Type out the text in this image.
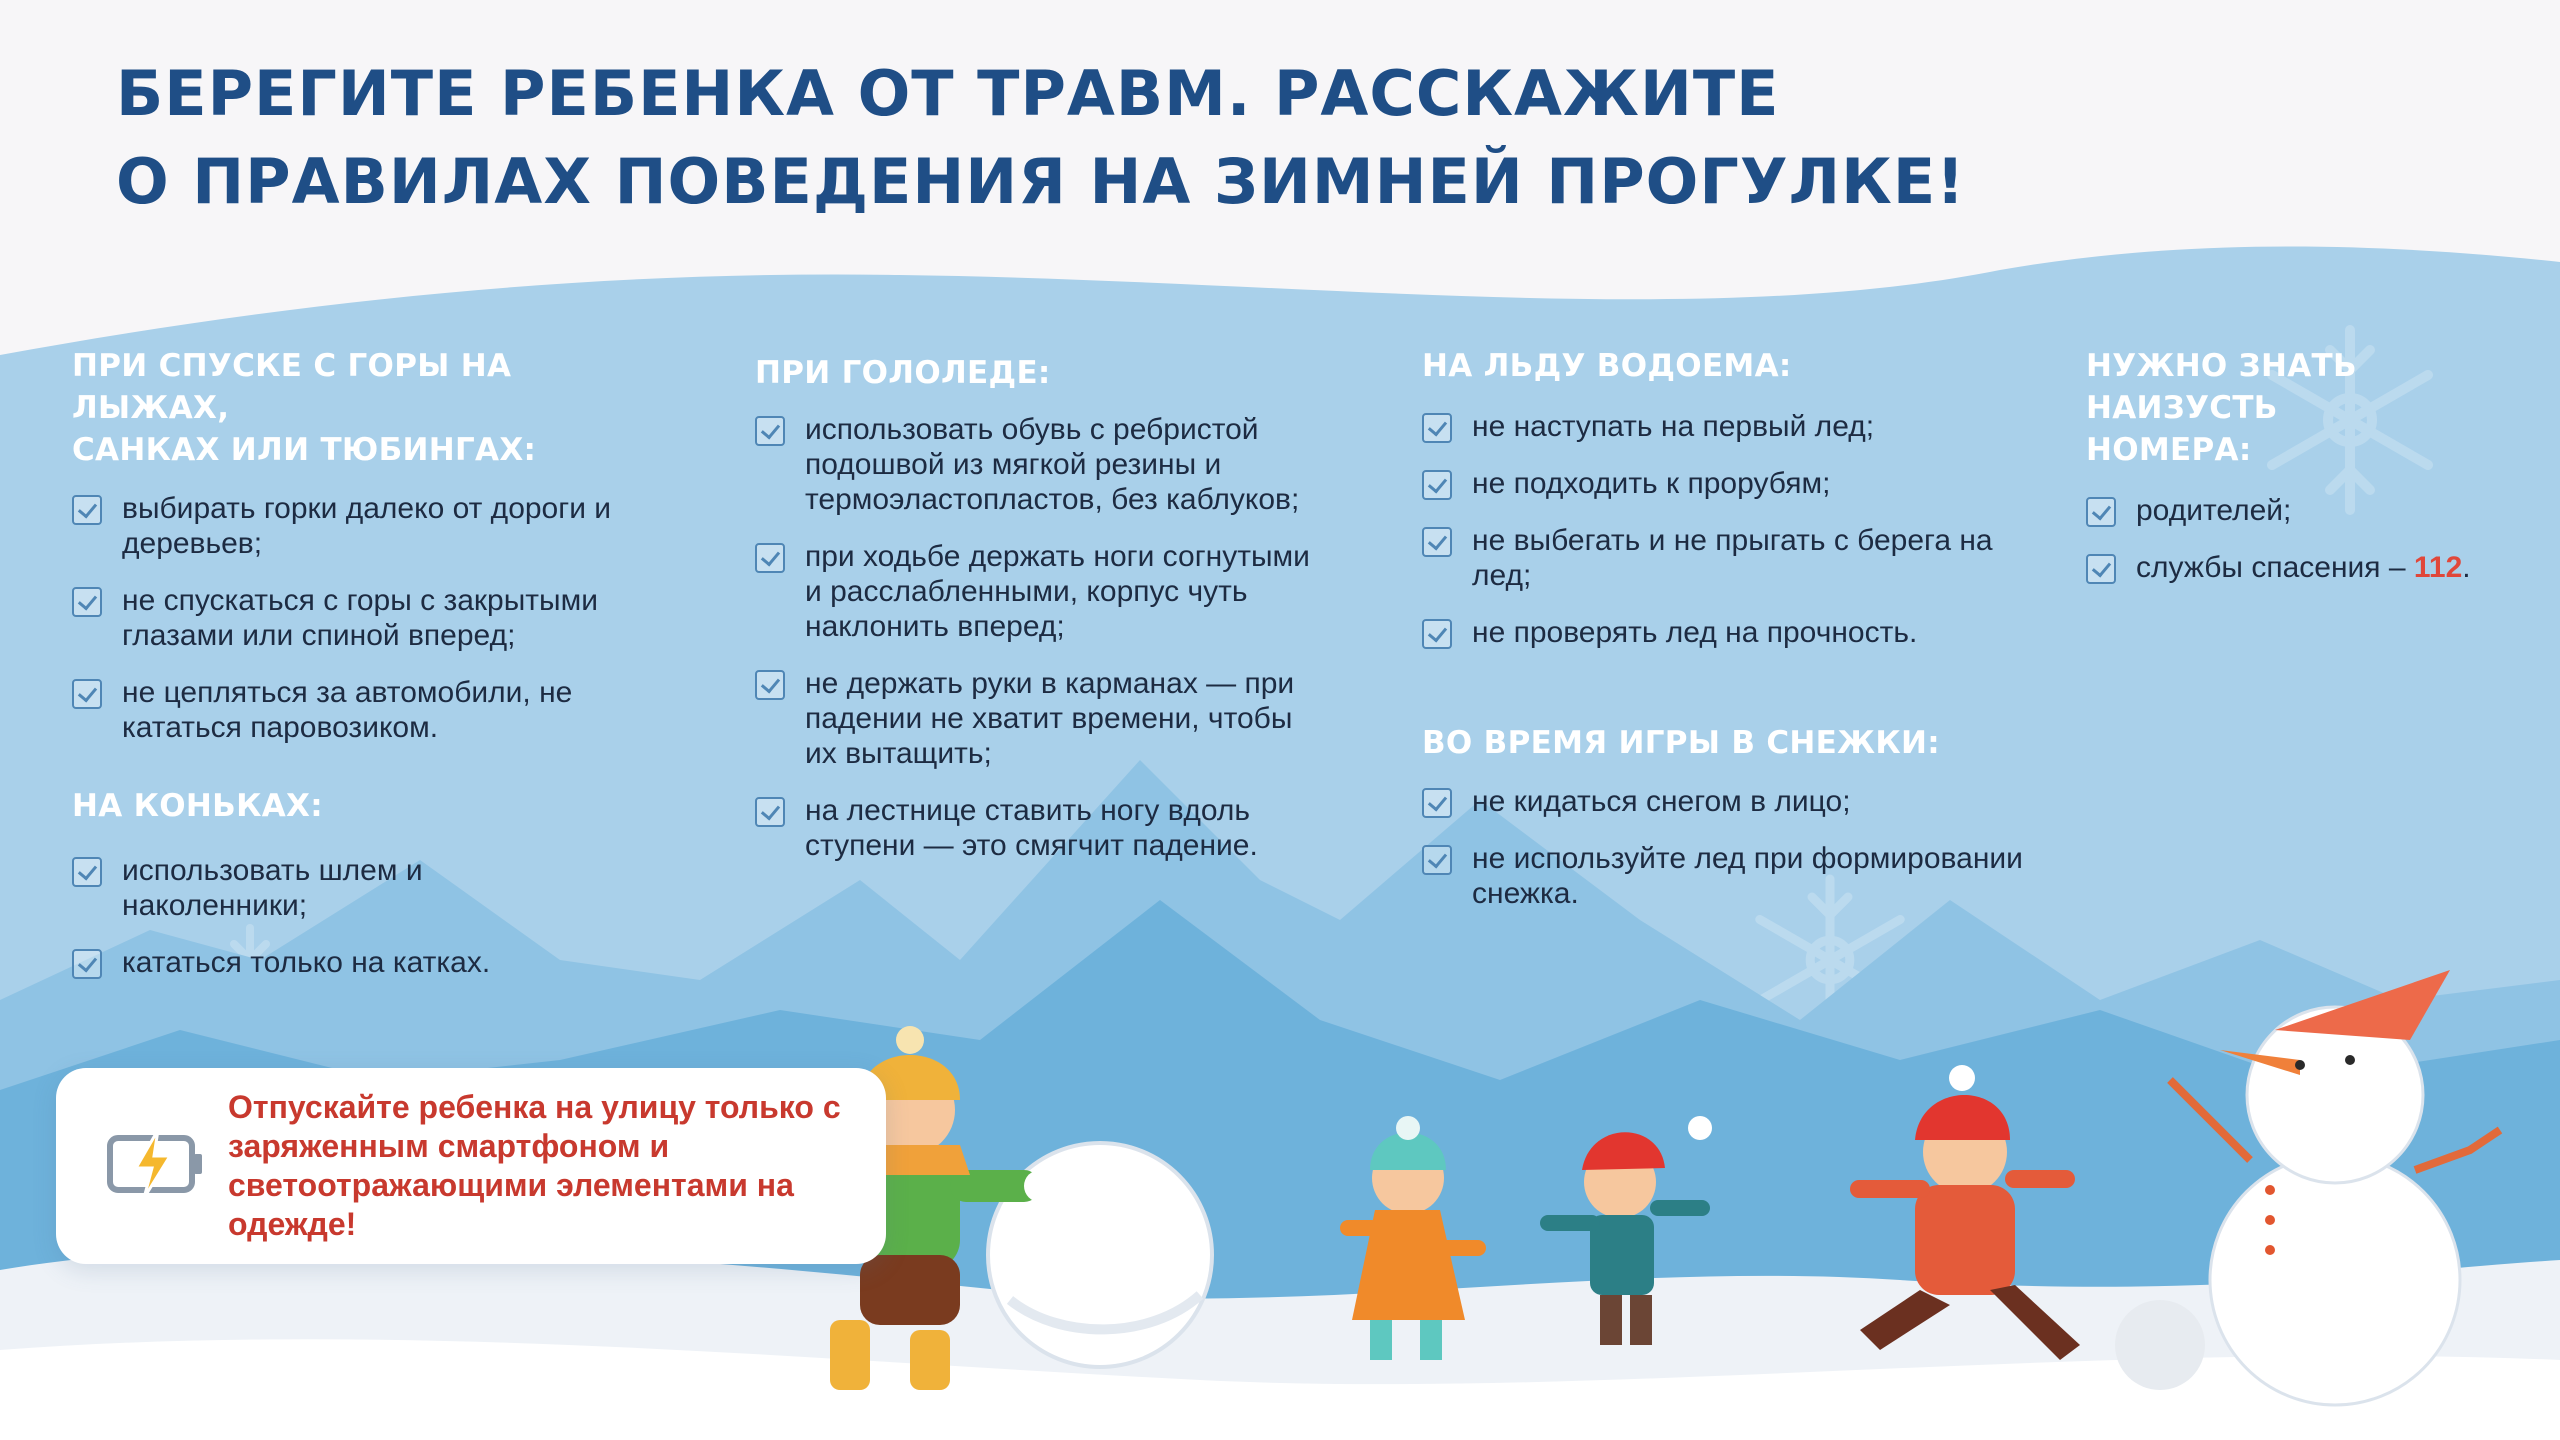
БЕРЕГИТЕ РЕБЕНКА ОТ ТРАВМ. РАССКАЖИТЕ
О ПРАВИЛАХ ПОВЕДЕНИЯ НА ЗИМНЕЙ ПРОГУЛКЕ!
ПРИ СПУСКЕ С ГОРЫ НА ЛЫЖАХ,
САНКАХ ИЛИ ТЮБИНГАХ:
выбирать горки далеко от дороги и деревьев;
не спускаться с горы с закрытыми глазами или спиной вперед;
не цепляться за автомобили, не кататься паровозиком.
НА КОНЬКАХ:
использовать шлем и наколенники;
кататься только на катках.
ПРИ ГОЛОЛЕДЕ:
использовать обувь с ребристой подошвой из мягкой резины и термоэластопластов, без каблуков;
при ходьбе держать ноги согнутыми и расслабленными, корпус чуть наклонить вперед;
не держать руки в карманах — при падении не хватит времени, чтобы их вытащить;
на лестнице ставить ногу вдоль ступени — это смягчит падение.
НА ЛЬДУ ВОДОЕМА:
не наступать на первый лед;
не подходить к прорубям;
не выбегать и не прыгать с берега на лед;
не проверять лед на прочность.
ВО ВРЕМЯ ИГРЫ В СНЕЖКИ:
не кидаться снегом в лицо;
не используйте лед при формировании снежка.
НУЖНО ЗНАТЬ НАИЗУСТЬ
НОМЕРА:
родителей;
службы спасения – 112.

Отпускайте ребенка на улицу только с заряженным смартфоном и светоотражающими элементами на одежде!
